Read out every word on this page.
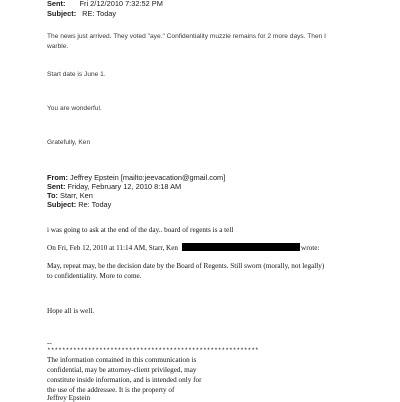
Sent: Fri 2/12/2010 7:32:52 PM
Subject: RE: Today
The news just arrived. They voted "aye." Confidentiality muzzle remains for 2 more days. Then I
warble.
Start date is June 1.
You are wonderful.
Gratefully, Ken
From: Jeffrey Epstein [mailto:jeevacation@gmail.com]
Sent: Friday, February 12, 2010 8:18 AM
To: Starr, Ken
Subject: Re: Today
i was going to ask at the end of the day.. board of regents is a tell
On Fri, Feb 12, 2010 at 11:14 AM, Starr, Ken	wrote:
May, repeat may, be the decision date by the Board of Regents. Still sworn (morally, not legally)
to confidentiality. More to come.
Hope all is well.
--
*********************************************************
The information contained in this communication is
confidential, may be attorney-client privileged, may
constitute inside information, and is intended only for
the use of the addressee. It is the property of
Jeffrey Epstein
